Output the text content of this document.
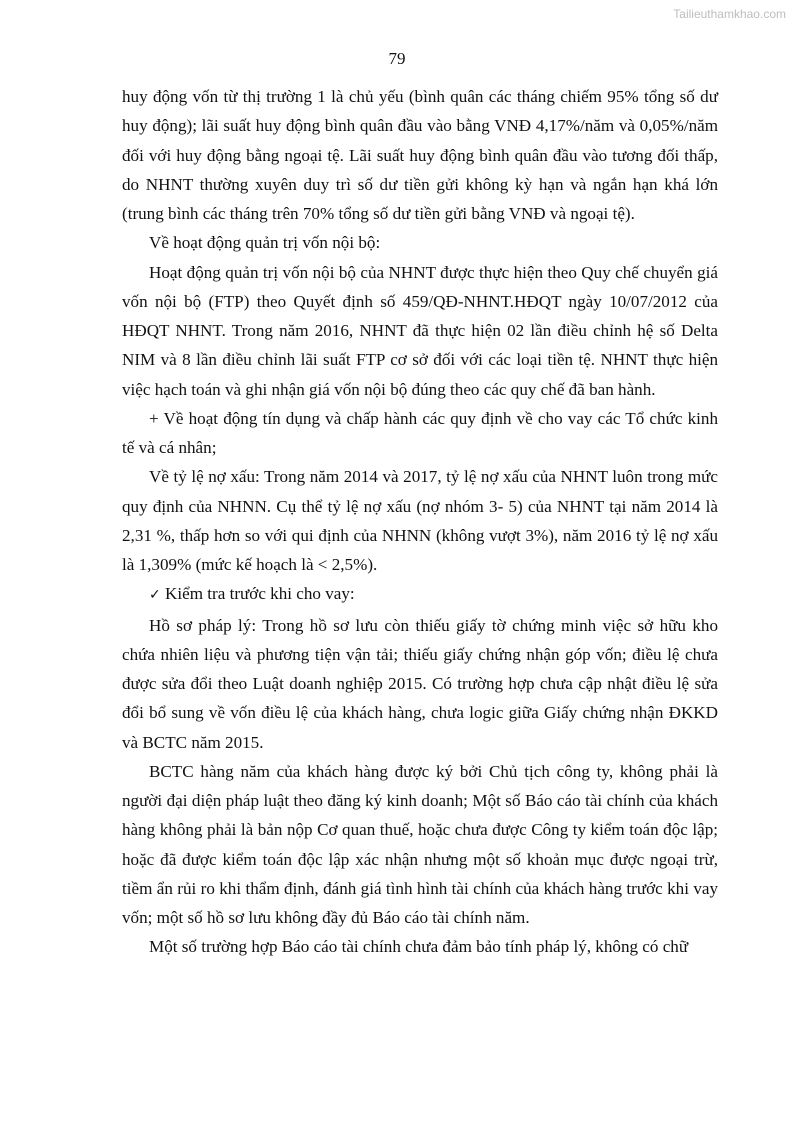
Tailieuthamkhao.com
79

huy động vốn từ thị trường 1 là chủ yếu (bình quân các tháng chiếm 95% tổng số dư huy động); lãi suất huy động bình quân đầu vào bằng VNĐ 4,17%/năm và 0,05%/năm đối với huy động bằng ngoại tệ. Lãi suất huy động bình quân đầu vào tương đối thấp, do NHNT thường xuyên duy trì số dư tiền gửi không kỳ hạn và ngắn hạn khá lớn (trung bình các tháng trên 70% tổng số dư tiền gửi bằng VNĐ và ngoại tệ).

Về hoạt động quản trị vốn nội bộ:

Hoạt động quản trị vốn nội bộ của NHNT được thực hiện theo Quy chế chuyển giá vốn nội bộ (FTP) theo Quyết định số 459/QĐ-NHNT.HĐQT ngày 10/07/2012 của HĐQT NHNT. Trong năm 2016, NHNT đã thực hiện 02 lần điều chỉnh hệ số Delta NIM và 8 lần điều chỉnh lãi suất FTP cơ sở đối với các loại tiền tệ. NHNT thực hiện việc hạch toán và ghi nhận giá vốn nội bộ đúng theo các quy chế đã ban hành.

+ Về hoạt động tín dụng và chấp hành các quy định về cho vay các Tổ chức kinh tế và cá nhân;

Về tỷ lệ nợ xấu: Trong năm 2014 và 2017, tỷ lệ nợ xấu của NHNT luôn trong mức quy định của NHNN. Cụ thể tỷ lệ nợ xấu (nợ nhóm 3- 5) của NHNT tại năm 2014 là 2,31 %, thấp hơn so với qui định của NHNN (không vượt 3%), năm 2016 tỷ lệ nợ xấu là 1,309% (mức kế hoạch là < 2,5%).

✓ Kiểm tra trước khi cho vay:

Hồ sơ pháp lý: Trong hồ sơ lưu còn thiếu giấy tờ chứng minh việc sở hữu kho chứa nhiên liệu và phương tiện vận tải; thiếu giấy chứng nhận góp vốn; điều lệ chưa được sửa đổi theo Luật doanh nghiệp 2015. Có trường hợp chưa cập nhật điều lệ sửa đổi bổ sung về vốn điều lệ của khách hàng, chưa logic giữa Giấy chứng nhận ĐKKD và BCTC năm 2015.

BCTC hàng năm của khách hàng được ký bởi Chủ tịch công ty, không phải là người đại diện pháp luật theo đăng ký kinh doanh; Một số Báo cáo tài chính của khách hàng không phải là bản nộp Cơ quan thuế, hoặc chưa được Công ty kiểm toán độc lập; hoặc đã được kiểm toán độc lập xác nhận nhưng một số khoản mục được ngoại trừ, tiềm ẩn rủi ro khi thẩm định, đánh giá tình hình tài chính của khách hàng trước khi vay vốn; một số hồ sơ lưu không đầy đủ Báo cáo tài chính năm.

Một số trường hợp Báo cáo tài chính chưa đảm bảo tính pháp lý, không có chữ
